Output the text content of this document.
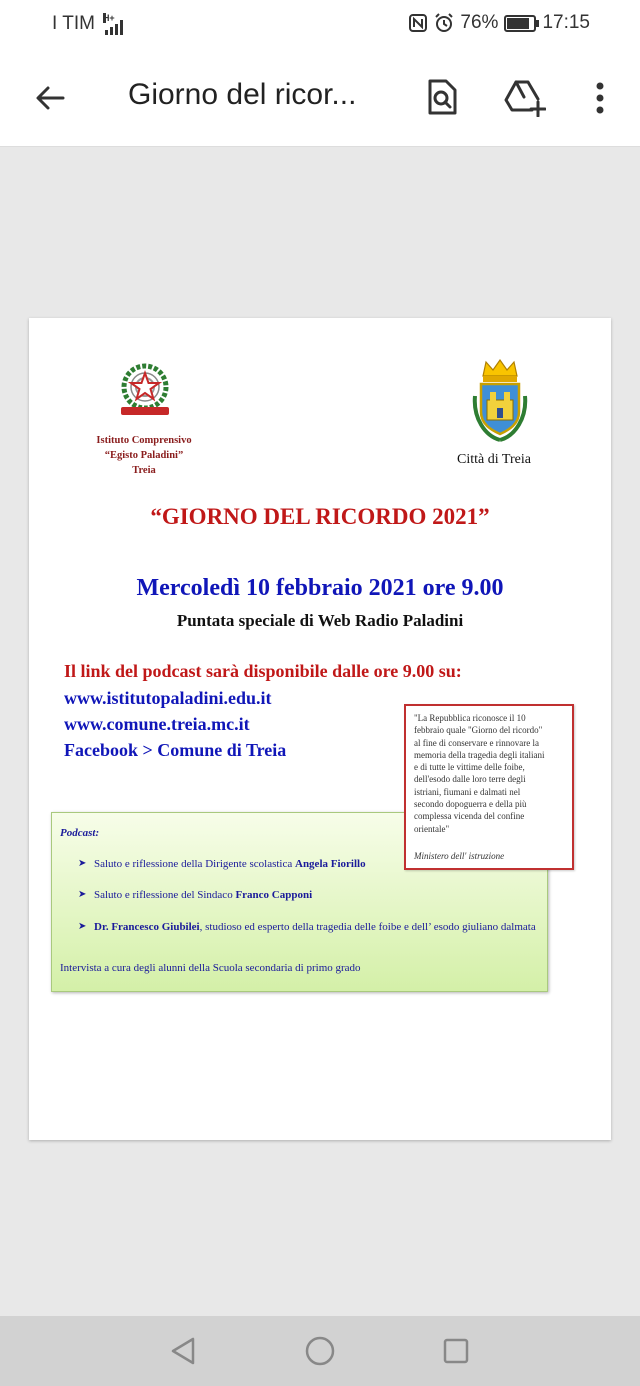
I TIM H+	76% 17:15
Giorno del ricor...
Istituto Comprensivo
“Egisto Paladini”
Treia
Città di Treia
“GIORNO DEL RICORDO 2021”
Mercoledì 10 febbraio 2021 ore 9.00
Puntata speciale di Web Radio Paladini
Il link del podcast sarà disponibile dalle ore 9.00 su:
www.istitutopaladini.edu.it
www.comune.treia.mc.it
Facebook > Comune di Treia
Podcast:
➤ Saluto e riflessione della Dirigente scolastica Angela Fiorillo
➤ Saluto e riflessione del Sindaco Franco Capponi
➤ Dr. Francesco Giubilei, studioso ed esperto della tragedia delle foibe e dell’ esodo giuliano dalmata
Intervista a cura degli alunni della Scuola secondaria di primo grado
"La Repubblica riconosce il 10
febbraio quale "Giorno del ricordo"
al fine di conservare e rinnovare la
memoria della tragedia degli italiani
e di tutte le vittime delle foibe,
dell'esodo dalle loro terre degli
istriani, fiumani e dalmati nel
secondo dopoguerra e della più
complessa vicenda del confine
orientale"
Ministero dell' istruzione
